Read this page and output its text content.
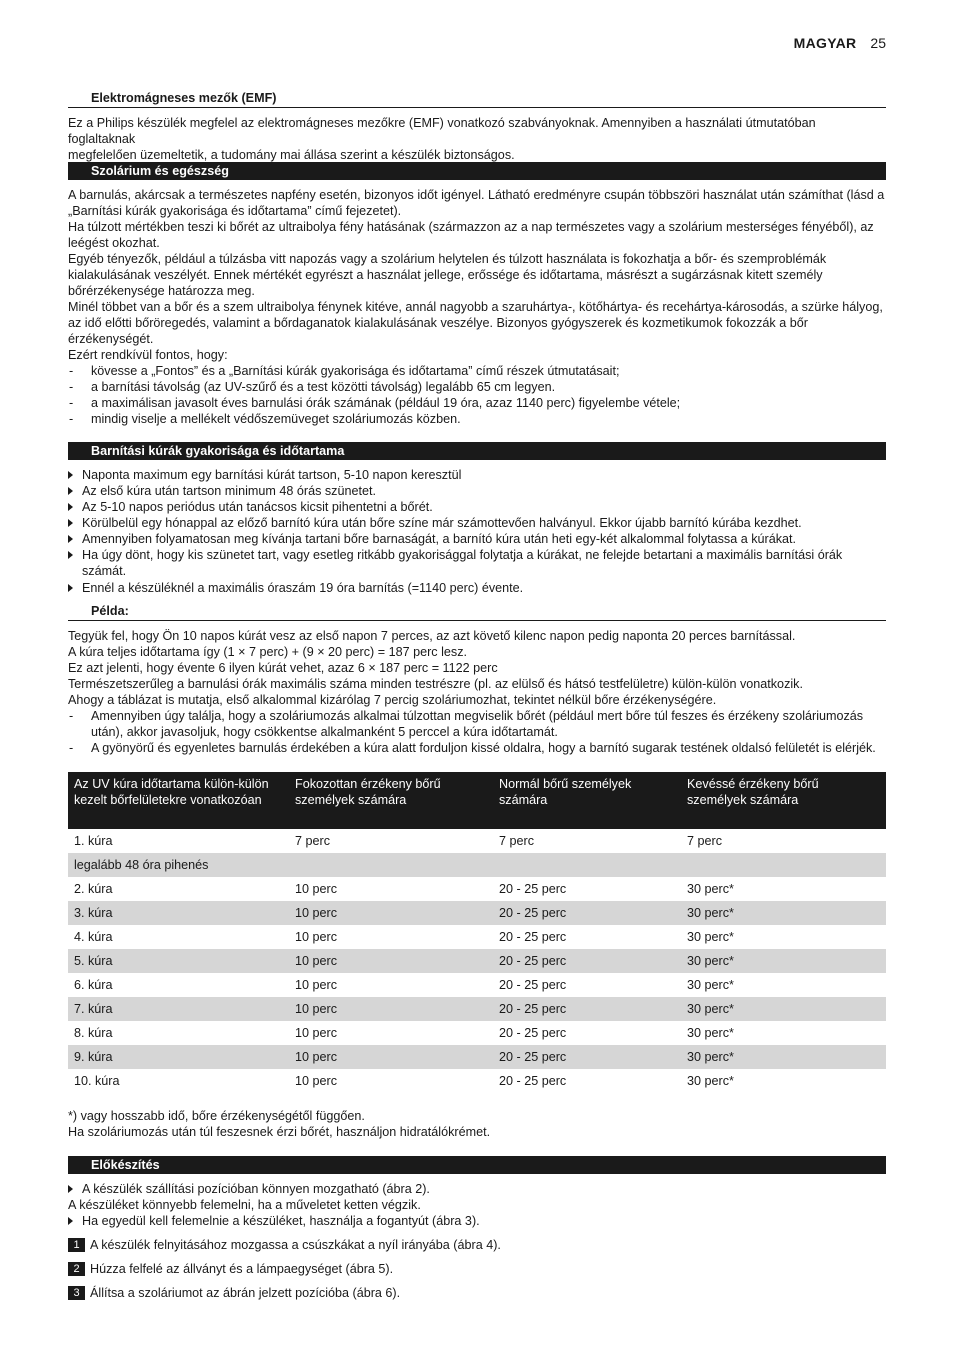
MAGYAR 25
Elektromágneses mezők (EMF)

Ez a Philips készülék megfelel az elektromágneses mezőkre (EMF) vonatkozó szabványoknak. Amennyiben a használati útmutatóban foglaltaknak

megfelelően üzemeltetik, a tudomány mai állása szerint a készülék biztonságos.

Szolárium és egészség

A barnulás, akárcsak a természetes napfény esetén, bizonyos időt igényel. Látható eredményre csupán többszöri használat után számíthat (lásd a

„Barnítási kúrák gyakorisága és időtartama” című fejezetet).

Ha túlzott mértékben teszi ki bőrét az ultraibolya fény hatásának (származzon az a nap természetes vagy a szolárium mesterséges fényéből), az

leégést okozhat.

Egyéb tényezők, például a túlzásba vitt napozás vagy a szolárium helytelen és túlzott használata is fokozhatja a bőr- és szemproblémák

kialakulásának veszélyét. Ennek mértékét egyrészt a használat jellege, erőssége és időtartama, másrészt a sugárzásnak kitett személy

bőrérzékenysége határozza meg.

Minél többet van a bőr és a szem ultraibolya fénynek kitéve, annál nagyobb a szaruhártya-, kötőhártya- és recehártya-károsodás, a szürke hályog,

az idő előtti bőröregedés, valamint a bőrdaganatok kialakulásának veszélye. Bizonyos gyógyszerek és kozmetikumok fokozzák a bőr

érzékenységét.

Ezért rendkívül fontos, hogy:

- kövesse a „Fontos” és a „Barnítási kúrák gyakorisága és időtartama” című részek útmutatásait;

- a barnítási távolság (az UV-szűrő és a test közötti távolság) legalább 65 cm legyen.

- a maximálisan javasolt éves barnulási órák számának (például 19 óra, azaz 1140 perc) figyelembe vétele;

- mindig viselje a mellékelt védőszemüveget szoláriumozás közben.

Barnítási kúrák gyakorisága és időtartama
Naponta maximum egy barnítási kúrát tartson, 5-10 napon keresztül
Az első kúra után tartson minimum 48 órás szünetet.
Az 5-10 napos periódus után tanácsos kicsit pihentetni a bőrét.
Körülbelül egy hónappal az előző barnító kúra után bőre színe már számottevően halványul. Ekkor újabb barnító kúrába kezdhet.
Amennyiben folyamatosan meg kívánja tartani bőre barnaságát, a barnító kúra után heti egy-két alkalommal folytassa a kúrákat.
Ha úgy dönt, hogy kis szünetet tart, vagy esetleg ritkább gyakorisággal folytatja a kúrákat, ne felejde betartani a maximális barnítási órák
számát.
Ennél a készüléknél a maximális óraszám 19 óra barnítás (=1140 perc) évente.
Példa:

Tegyük fel, hogy Ön 10 napos kúrát vesz az első napon 7 perces, az azt követő kilenc napon pedig naponta 20 perces barnítással.

A kúra teljes időtartama így (1 × 7 perc) + (9 × 20 perc) = 187 perc lesz.

Ez azt jelenti, hogy évente 6 ilyen kúrát vehet, azaz 6 × 187 perc = 1122 perc

Természetszerűleg a barnulási órák maximális száma minden testrészre (pl. az elülső és hátsó testfelületre) külön-külön vonatkozik.

Ahogy a táblázat is mutatja, első alkalommal kizárólag 7 percig szoláriumozhat, tekintet nélkül bőre érzékenységére.

- Amennyiben úgy találja, hogy a szoláriumozás alkalmai túlzottan megviselik bőrét (például mert bőre túl feszes és érzékeny szoláriumozás
után), akkor javasoljuk, hogy csökkentse alkalmanként 5 perccel a kúra időtartamát.
- A gyönyörű és egyenletes barnulás érdekében a kúra alatt forduljon kissé oldalra, hogy a barnító sugarak testének oldalsó felületét is elérjék.
Az UV kúra időtartama külön-külön kezelt bőrfelületekre vonatkozóan	Fokozottan érzékeny bőrű személyek számára	Normál bőrű személyek számára	Kevéssé érzékeny bőrű személyek számára
1. kúra	7 perc	7 perc	7 perc
legalább 48 óra pihenés			
2. kúra	10 perc	20 - 25 perc	30 perc*
3. kúra	10 perc	20 - 25 perc	30 perc*
4. kúra	10 perc	20 - 25 perc	30 perc*
5. kúra	10 perc	20 - 25 perc	30 perc*
6. kúra	10 perc	20 - 25 perc	30 perc*
7. kúra	10 perc	20 - 25 perc	30 perc*
8. kúra	10 perc	20 - 25 perc	30 perc*
9. kúra	10 perc	20 - 25 perc	30 perc*
10. kúra	10 perc	20 - 25 perc	30 perc*

*) vagy hosszabb idő, bőre érzékenységétől függően.

Ha szoláriumozás után túl feszesnek érzi bőrét, használjon hidratálókrémet.

Előkészítés
A készülék szállítási pozícióban könnyen mozgatható (ábra 2).

A készüléket könnyebb felemelni, ha a műveletet ketten végzik.

Ha egyedül kell felemelnie a készüléket, használja a fogantyút (ábra 3).
1 A készülék felnyitásához mozgassa a csúszkákat a nyíl irányába (ábra 4).
2 Húzza felfelé az állványt és a lámpaegységet (ábra 5).
3 Állítsa a szoláriumot az ábrán jelzett pozícióba (ábra 6).
